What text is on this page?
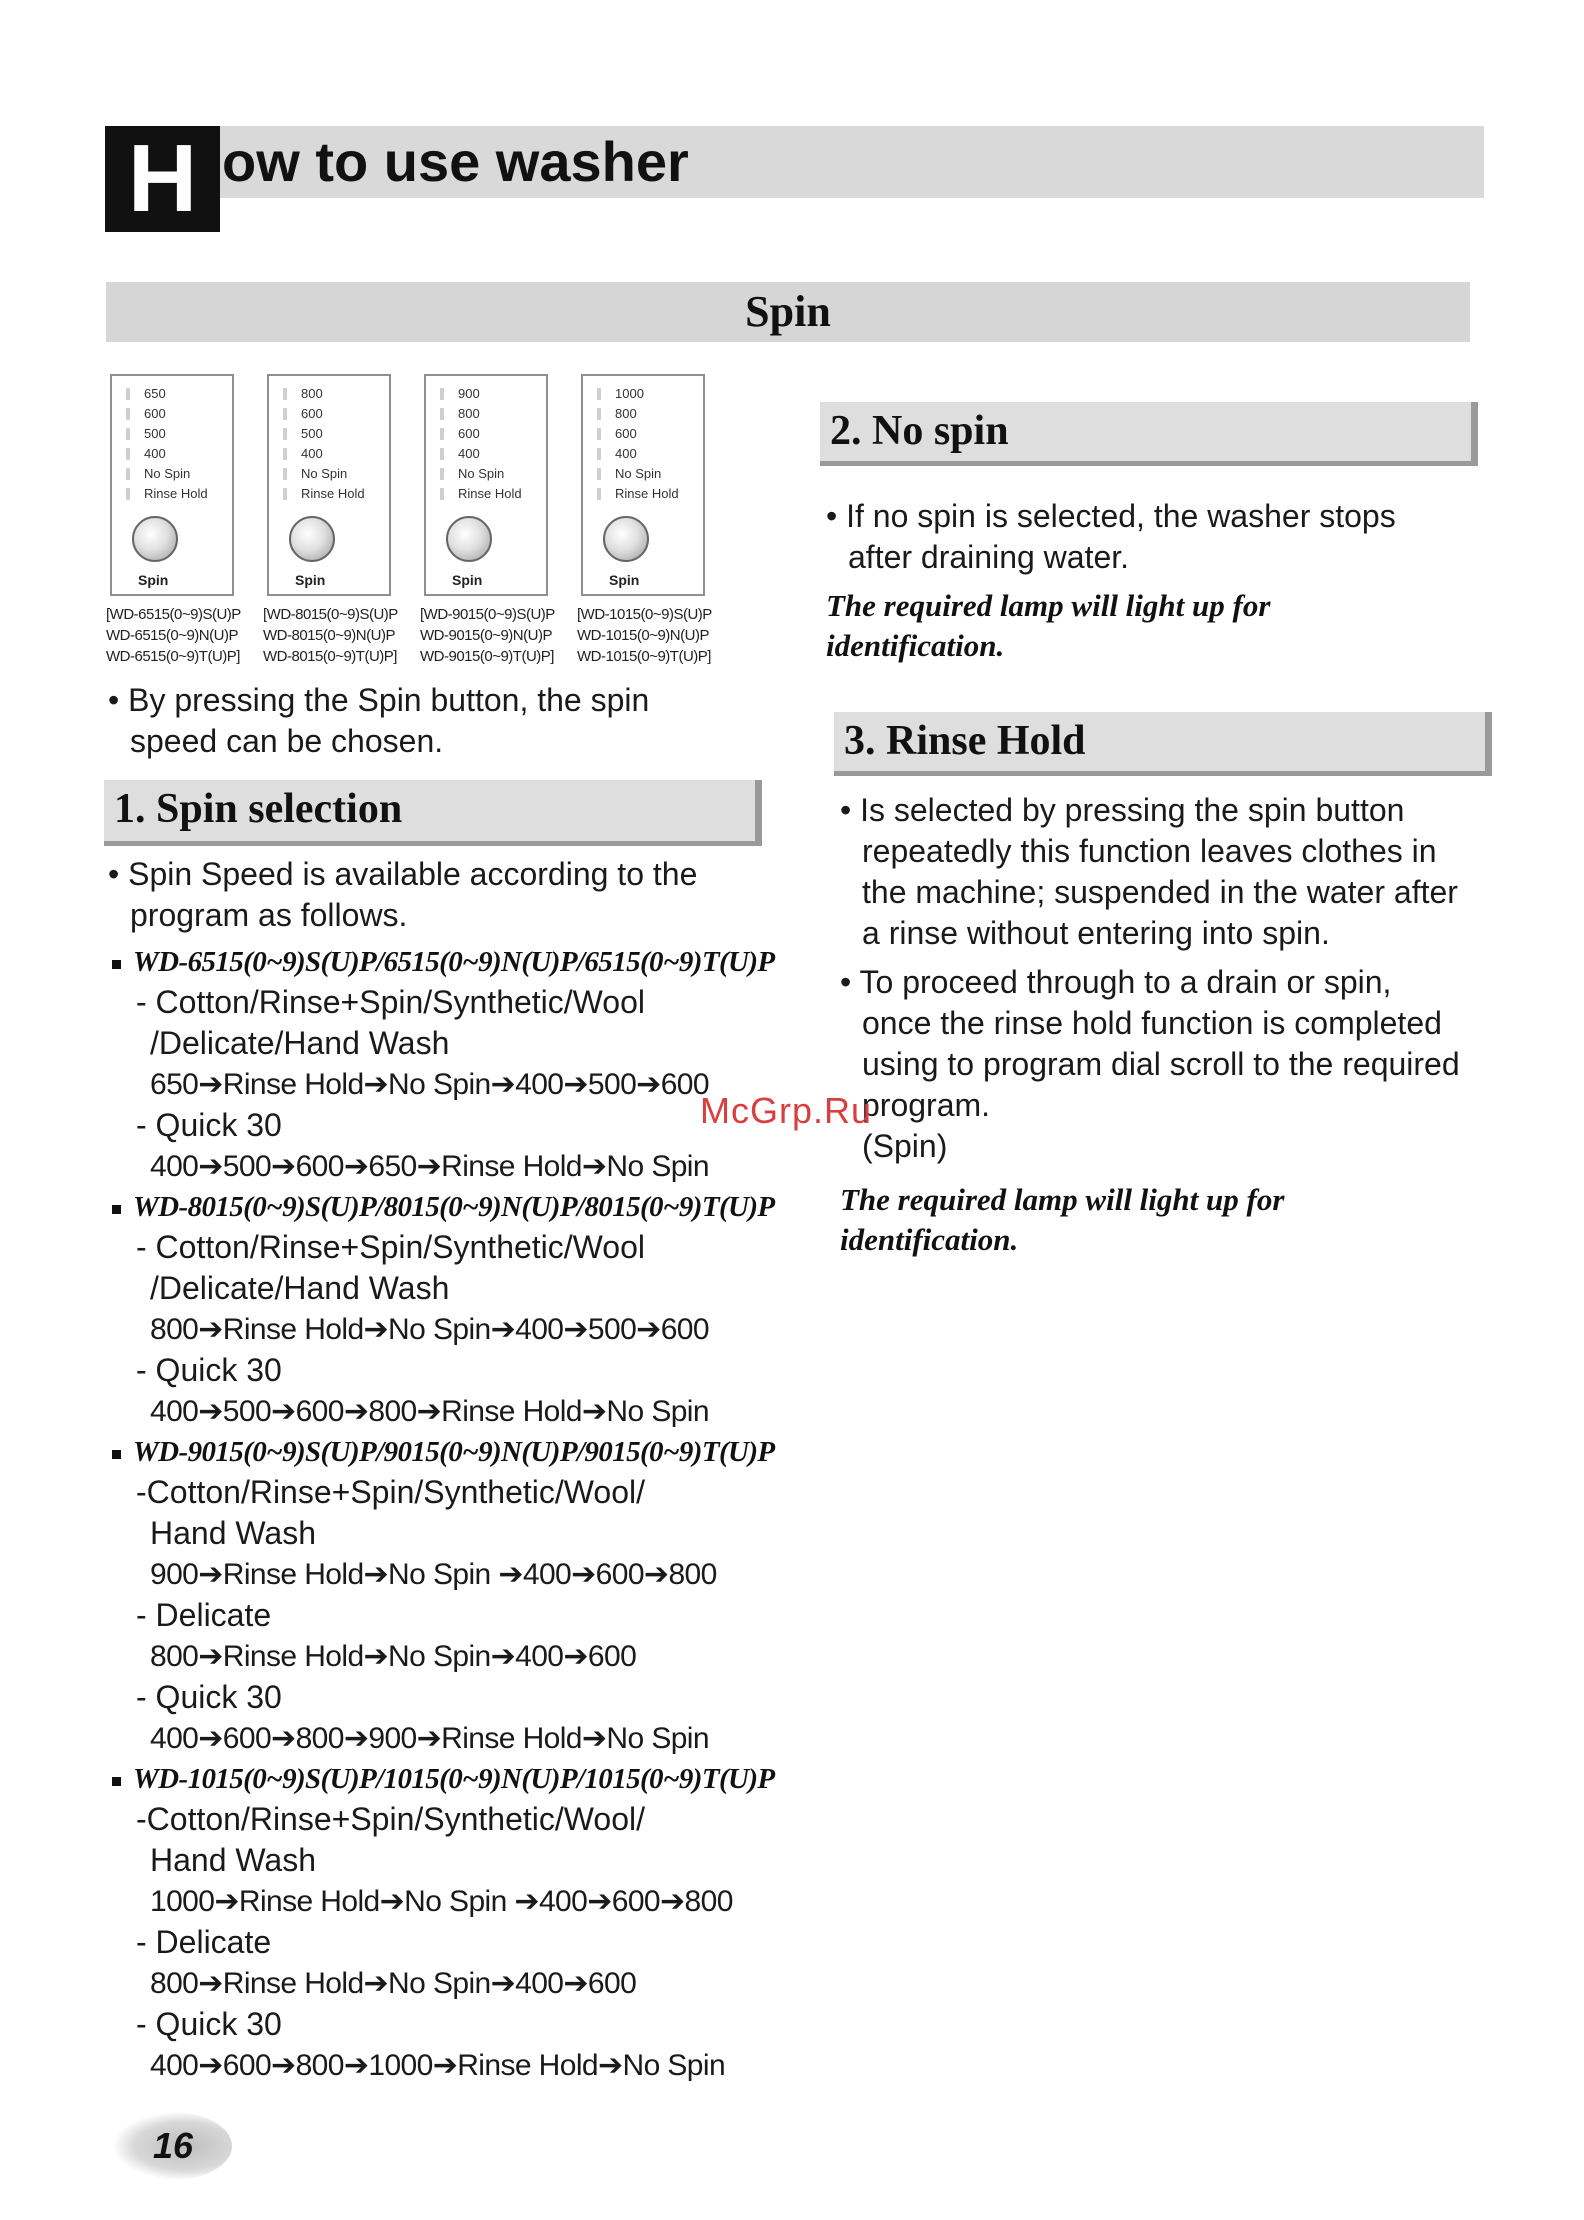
H ow to use washer
Spin
650
600
500
400
No Spin
Rinse Hold
Spin
[WD-6515(0~9)S(U)P
WD-6515(0~9)N(U)P
WD-6515(0~9)T(U)P]
800
600
500
400
No Spin
Rinse Hold
Spin
[WD-8015(0~9)S(U)P
WD-8015(0~9)N(U)P
WD-8015(0~9)T(U)P]
900
800
600
400
No Spin
Rinse Hold
Spin
[WD-9015(0~9)S(U)P
WD-9015(0~9)N(U)P
WD-9015(0~9)T(U)P]
1000
800
600
400
No Spin
Rinse Hold
Spin
[WD-1015(0~9)S(U)P
WD-1015(0~9)N(U)P
WD-1015(0~9)T(U)P]
• By pressing the Spin button, the spin
speed can be chosen.
1. Spin selection
• Spin Speed is available according to the
program as follows.
WD-6515(0~9)S(U)P/6515(0~9)N(U)P/6515(0~9)T(U)P
- Cotton/Rinse+Spin/Synthetic/Wool
/Delicate/Hand Wash
650➔Rinse Hold➔No Spin➔400➔500➔600
- Quick 30
400➔500➔600➔650➔Rinse Hold➔No Spin
WD-8015(0~9)S(U)P/8015(0~9)N(U)P/8015(0~9)T(U)P
- Cotton/Rinse+Spin/Synthetic/Wool
/Delicate/Hand Wash
800➔Rinse Hold➔No Spin➔400➔500➔600
- Quick 30
400➔500➔600➔800➔Rinse Hold➔No Spin
WD-9015(0~9)S(U)P/9015(0~9)N(U)P/9015(0~9)T(U)P
-Cotton/Rinse+Spin/Synthetic/Wool/
Hand Wash
900➔Rinse Hold➔No Spin ➔400➔600➔800
- Delicate
800➔Rinse Hold➔No Spin➔400➔600
- Quick 30
400➔600➔800➔900➔Rinse Hold➔No Spin
WD-1015(0~9)S(U)P/1015(0~9)N(U)P/1015(0~9)T(U)P
-Cotton/Rinse+Spin/Synthetic/Wool/
Hand Wash
1000➔Rinse Hold➔No Spin ➔400➔600➔800
- Delicate
800➔Rinse Hold➔No Spin➔400➔600
- Quick 30
400➔600➔800➔1000➔Rinse Hold➔No Spin
2. No spin
• If no spin is selected, the washer stops
after draining water.
The required lamp will light up for
identification.
3. Rinse Hold
• Is selected by pressing the spin button
repeatedly this function leaves clothes in
the machine; suspended in the water after
a rinse without entering into spin.
• To proceed through to a drain or spin,
once the rinse hold function is completed
using to program dial scroll to the required
program.
(Spin)
The required lamp will light up for
identification.
McGrp.Ru
16
